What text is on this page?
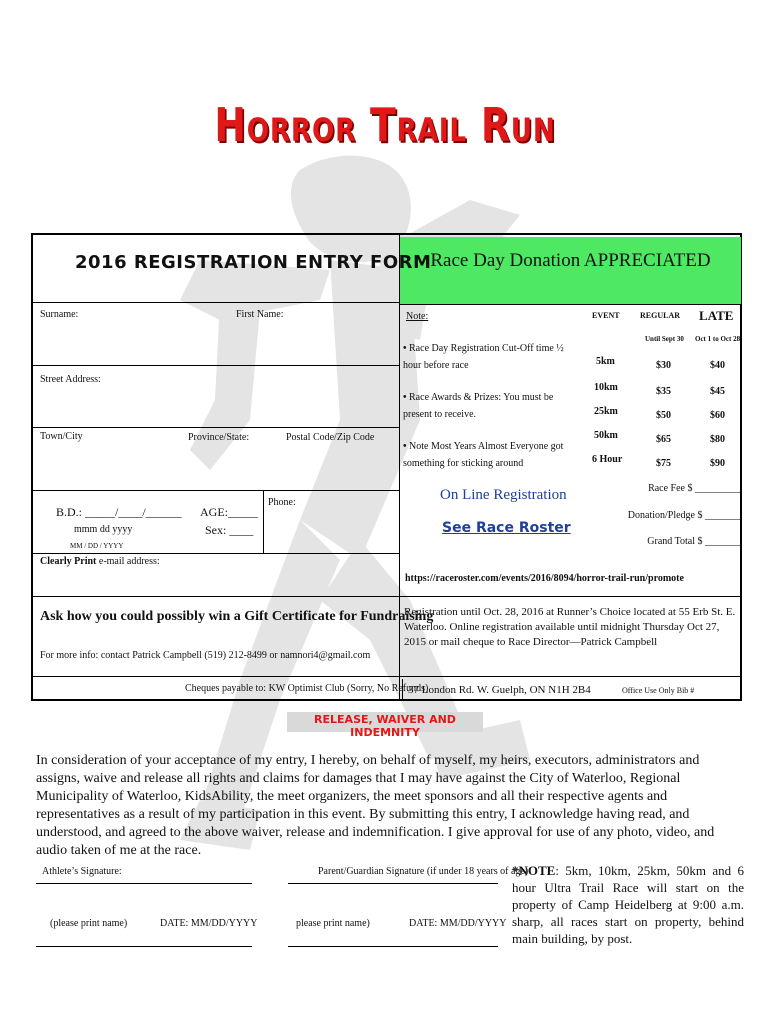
Horror Trail Run
Race Day Donation APPRECIATED
2016 REGISTRATION ENTRY FORM
Surname:	First Name:
Street Address:
Town/City	Province/State:	Postal Code/Zip Code
B.D.: _____/____/______
mmm dd yyyy
MM / DD / YYYY
AGE:_____
Sex: ____
Phone:
Clearly Print e-mail address:
Note:
• Race Day Registration Cut-Off time ½ hour before race
• Race Awards & Prizes: You must be present to receive.
• Note Most Years Almost Everyone got something for sticking around
EVENT	REGULAR LATE
Until Sept 30 Oct 1 to Oct 28
5km	$30	$40
10km	$35	$45
25km	$50	$60
50km	$65	$80
6 Hour	$75	$90
On Line Registration
See Race Roster
Race Fee $ _________
Donation/Pledge $ _______
Grand Total $ _______
https://raceroster.com/events/2016/8094/horror-trail-run/promote
Ask how you could possibly win a Gift Certificate for Fundraising
For more info: contact Patrick Campbell (519) 212-8499 or namnori4@gmail.com
Registration until Oct. 28, 2016 at Runner’s Choice located at 55 Erb St. E. Waterloo. Online registration available until midnight Thursday Oct 27, 2015 or mail cheque to Race Director—Patrick Campbell
Cheques payable to: KW Optimist Club (Sorry, No Refunds)
37 London Rd. W. Guelph, ON N1H 2B4	Office Use Only Bib #
RELEASE, WAIVER AND INDEMNITY
In consideration of your acceptance of my entry, I hereby, on behalf of myself, my heirs, executors, administrators and assigns, waive and release all rights and claims for damages that I may have against the City of Waterloo, Regional Municipality of Waterloo, KidsAbility, the meet organizers, the meet sponsors and all their respective agents and representatives as a result of my participation in this event. By submitting this entry, I acknowledge having read, and understood, and agreed to the above waiver, release and indemnification. I give approval for use of any photo, video, and audio taken of me at the race.
Athlete’s Signature:	Parent/Guardian Signature (if under 18 years of age)
(please print name)	DATE: MM/DD/YYYY	please print name)	DATE: MM/DD/YYYY
*NOTE: 5km, 10km, 25km, 50km and 6 hour Ultra Trail Race will start on the property of Camp Heidelberg at 9:00 a.m. sharp, all races start on property, behind main building, by post.
